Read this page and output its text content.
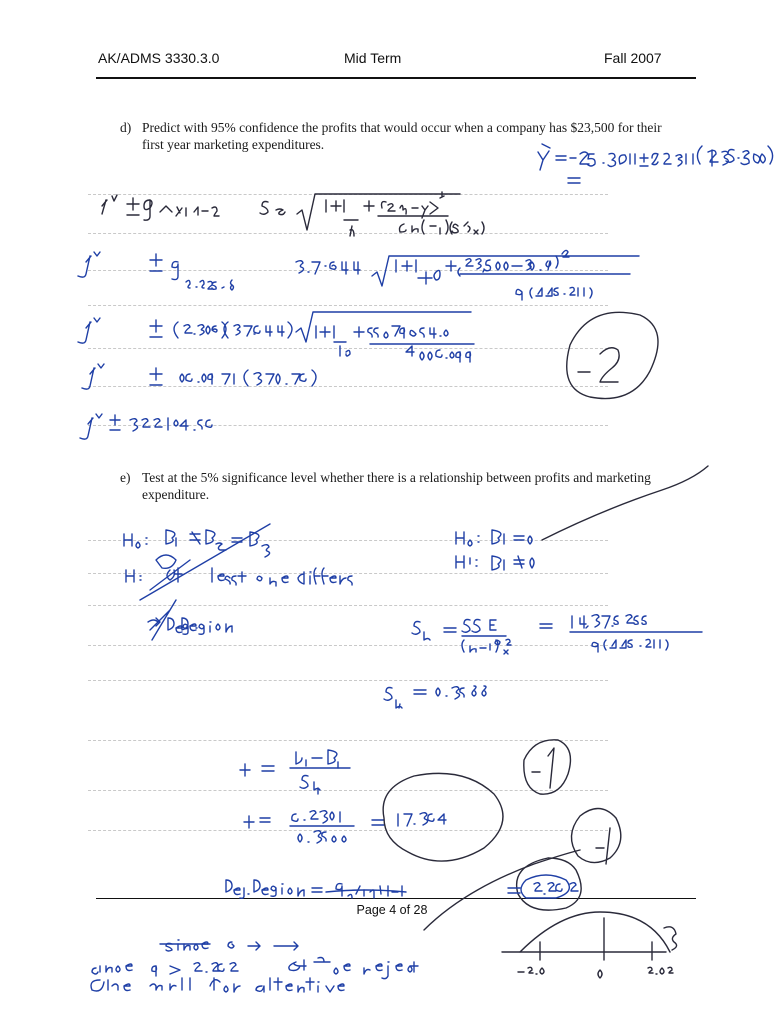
AK/ADMS 3330.3.0	Mid Term	Fall 2007
d) Predict with 95% confidence the profits that would occur when a company has $23,500 for their first year marketing expenditures.
e) Test at the 5% significance level whether there is a relationship between profits and marketing expenditure.
Page 4 of 28
